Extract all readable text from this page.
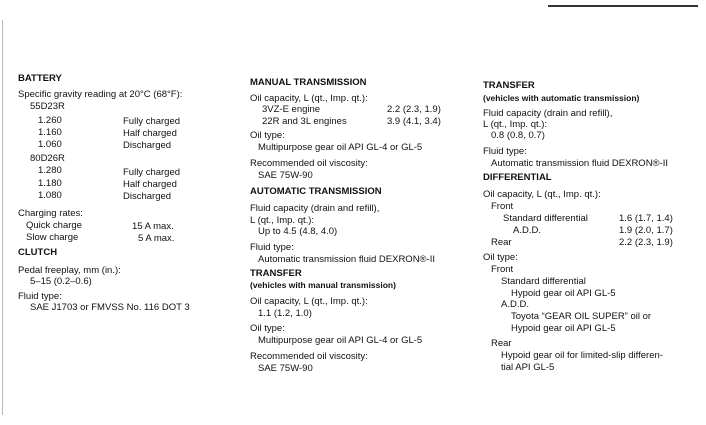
BATTERY
Specific gravity reading at 20°C (68°F):
55D23R
1.260	Fully charged
1.160	Half charged
1.060	Discharged
80D26R
1.280	Fully charged
1.180	Half charged
1.080	Discharged
Charging rates:
Quick charge	15 A max.
Slow charge	5 A max.
CLUTCH
Pedal freeplay, mm (in.):
5–15 (0.2–0.6)
Fluid type:
SAE J1703 or FMVSS No. 116 DOT 3
MANUAL TRANSMISSION
Oil capacity, L (qt., Imp. qt.):
3VZ-E engine	2.2 (2.3, 1.9)
22R and 3L engines	3.9 (4.1, 3.4)
Oil type:
Multipurpose gear oil API GL-4 or GL-5
Recommended oil viscosity:
SAE 75W-90
AUTOMATIC TRANSMISSION
Fluid capacity (drain and refill),
L (qt., Imp. qt.):
Up to 4.5 (4.8, 4.0)
Fluid type:
Automatic transmission fluid DEXRON®-II
TRANSFER
(vehicles with manual transmission)
Oil capacity, L (qt., Imp. qt.):
1.1 (1.2, 1.0)
Oil type:
Multipurpose gear oil API GL-4 or GL-5
Recommended oil viscosity:
SAE 75W-90
TRANSFER
(vehicles with automatic transmission)
Fluid capacity (drain and refill),
L (qt., Imp. qt.):
0.8 (0.8, 0.7)
Fluid type:
Automatic transmission fluid DEXRON®-II
DIFFERENTIAL
Oil capacity, L (qt., Imp. qt.):
Front
Standard differential	1.6 (1.7, 1.4)
A.D.D.	1.9 (2.0, 1.7)
Rear	2.2 (2.3, 1.9)
Oil type:
Front
Standard differential
Hypoid gear oil API GL-5
A.D.D.
Toyota “GEAR OIL SUPER” oil or
Hypoid gear oil API GL-5
Rear
Hypoid gear oil for limited-slip differen-
tial API GL-5
